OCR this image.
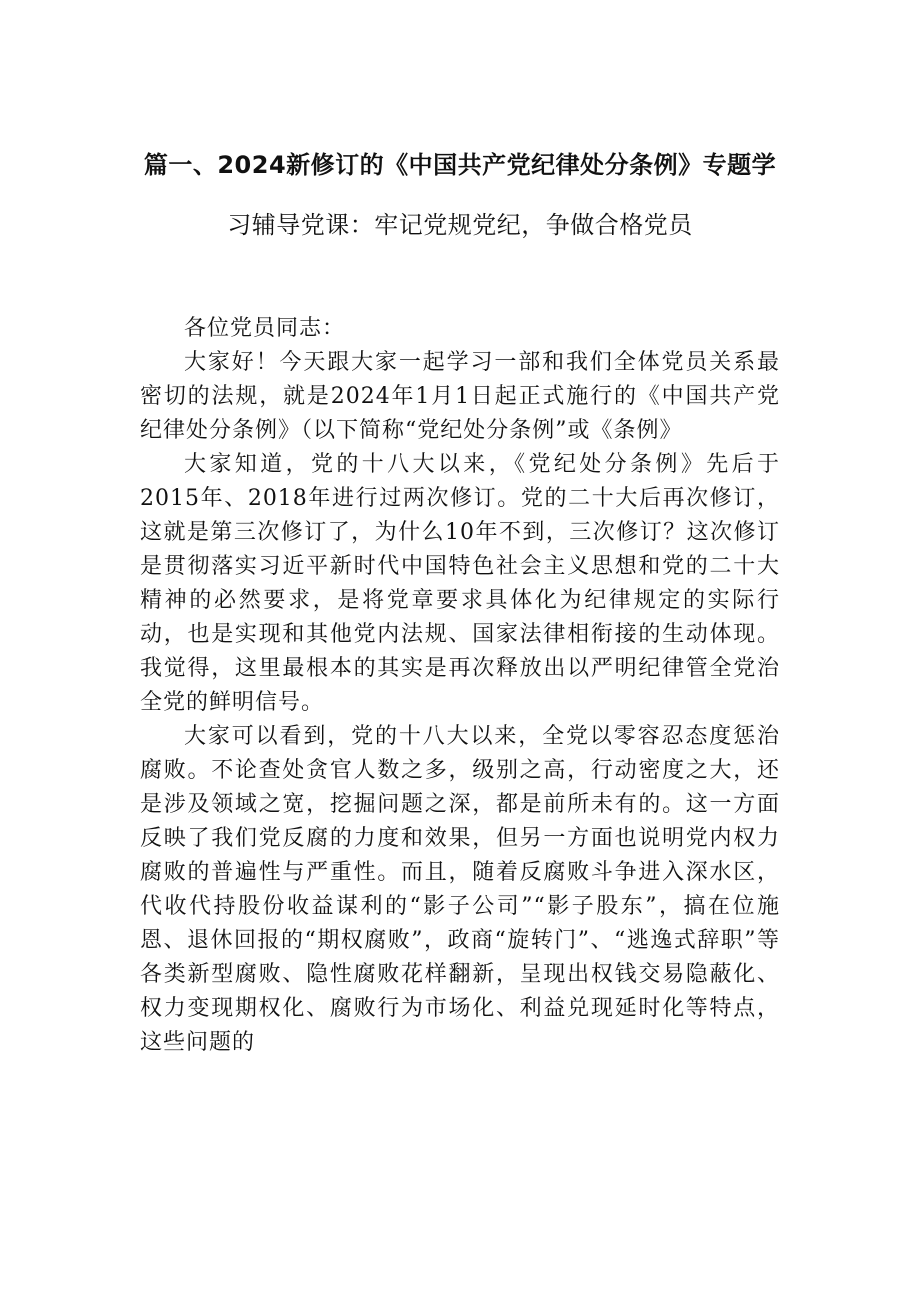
篇一、2024新修订的《中国共产党纪律处分条例》专题学
习辅导党课：牢记党规党纪，争做合格党员

各位党员同志：

大家好！今天跟大家一起学习一部和我们全体党员关系最密切的法规，就是2024年1月1日起正式施行的《中国共产党纪律处分条例》（以下简称“党纪处分条例”或《条例》

大家知道，党的十八大以来，《党纪处分条例》先后于2015年、2018年进行过两次修订。党的二十大后再次修订，这就是第三次修订了，为什么10年不到，三次修订？这次修订是贯彻落实习近平新时代中国特色社会主义思想和党的二十大精神的必然要求，是将党章要求具体化为纪律规定的实际行动，也是实现和其他党内法规、国家法律相衔接的生动体现。我觉得，这里最根本的其实是再次释放出以严明纪律管全党治全党的鲜明信号。

大家可以看到，党的十八大以来，全党以零容忍态度惩治腐败。不论查处贪官人数之多，级别之高，行动密度之大，还是涉及领域之宽，挖掘问题之深，都是前所未有的。这一方面反映了我们党反腐的力度和效果，但另一方面也说明党内权力腐败的普遍性与严重性。而且，随着反腐败斗争进入深水区，代收代持股份收益谋利的“影子公司”“影子股东”，搞在位施恩、退休回报的“期权腐败”，政商“旋转门”、“逃逸式辞职”等各类新型腐败、隐性腐败花样翻新，呈现出权钱交易隐蔽化、权力变现期权化、腐败行为市场化、利益兑现延时化等特点，这些问题的
